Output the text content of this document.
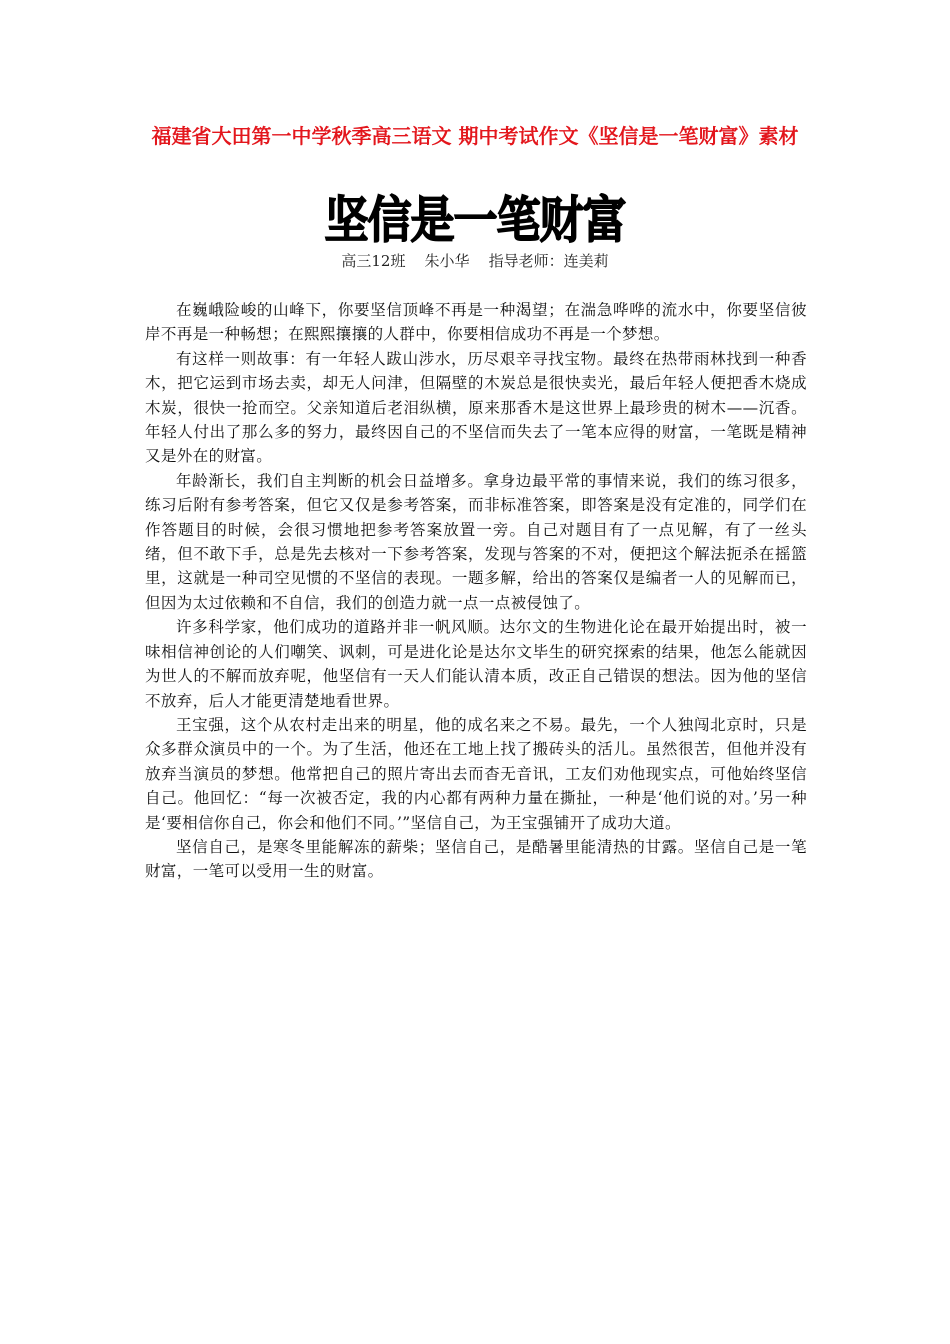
福建省大田第一中学秋季高三语文 期中考试作文《坚信是一笔财富》素材
坚信是一笔财富
高三12班    朱小华    指导老师：连美莉

在巍峨险峻的山峰下，你要坚信顶峰不再是一种渴望；在湍急哗哗的流水中，你要坚信彼岸不再是一种畅想；在熙熙攘攘的人群中，你要相信成功不再是一个梦想。

有这样一则故事：有一年轻人跋山涉水，历尽艰辛寻找宝物。最终在热带雨林找到一种香木，把它运到市场去卖，却无人问津，但隔壁的木炭总是很快卖光，最后年轻人便把香木烧成木炭，很快一抢而空。父亲知道后老泪纵横，原来那香木是这世界上最珍贵的树木——沉香。年轻人付出了那么多的努力，最终因自己的不坚信而失去了一笔本应得的财富，一笔既是精神又是外在的财富。

年龄渐长，我们自主判断的机会日益增多。拿身边最平常的事情来说，我们的练习很多，练习后附有参考答案，但它又仅是参考答案，而非标准答案，即答案是没有定准的，同学们在作答题目的时候，会很习惯地把参考答案放置一旁。自己对题目有了一点见解，有了一丝头绪，但不敢下手，总是先去核对一下参考答案，发现与答案的不对，便把这个解法扼杀在摇篮里，这就是一种司空见惯的不坚信的表现。一题多解，给出的答案仅是编者一人的见解而已，但因为太过依赖和不自信，我们的创造力就一点一点被侵蚀了。

许多科学家，他们成功的道路并非一帆风顺。达尔文的生物进化论在最开始提出时，被一味相信神创论的人们嘲笑、讽刺，可是进化论是达尔文毕生的研究探索的结果，他怎么能就因为世人的不解而放弃呢，他坚信有一天人们能认清本质，改正自己错误的想法。因为他的坚信不放弃，后人才能更清楚地看世界。

王宝强，这个从农村走出来的明星，他的成名来之不易。最先，一个人独闯北京时，只是众多群众演员中的一个。为了生活，他还在工地上找了搬砖头的活儿。虽然很苦，但他并没有放弃当演员的梦想。他常把自己的照片寄出去而杳无音讯，工友们劝他现实点，可他始终坚信自己。他回忆：“每一次被否定，我的内心都有两种力量在撕扯，一种是‘他们说的对。’另一种是‘要相信你自己，你会和他们不同。’”坚信自己，为王宝强铺开了成功大道。

坚信自己，是寒冬里能解冻的薪柴；坚信自己，是酷暑里能清热的甘露。坚信自己是一笔财富，一笔可以受用一生的财富。
